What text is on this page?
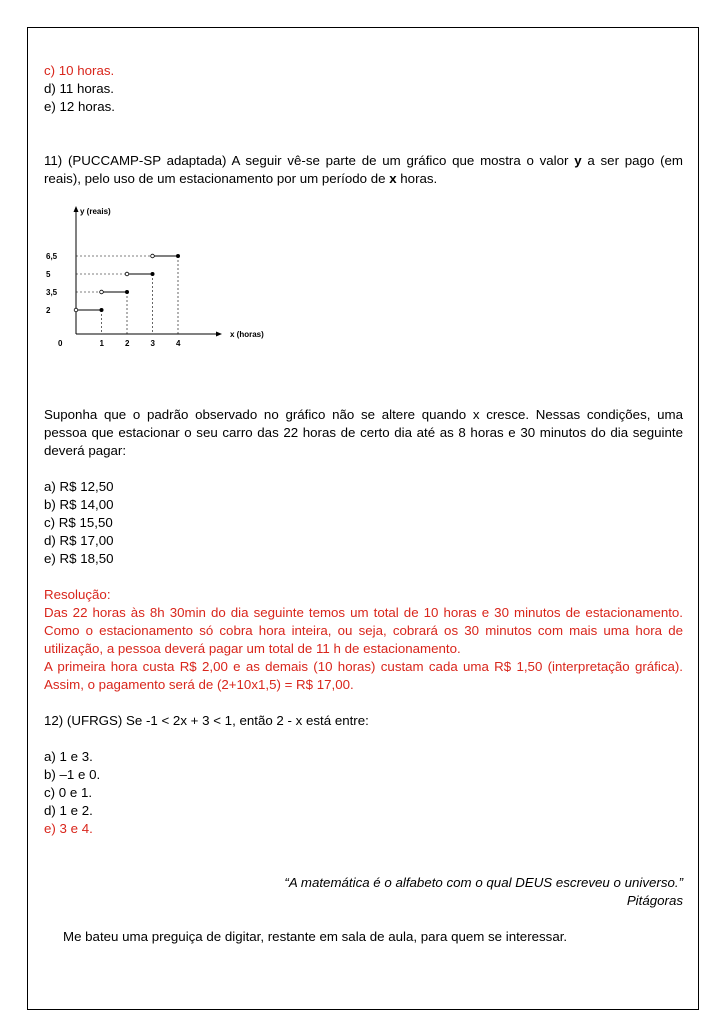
c) 10 horas.

d) 11 horas.

e) 12 horas.

11) (PUCCAMP-SP adaptada) A seguir vê-se parte de um gráfico que mostra o valor y a ser pago (em reais), pelo uso de um estacionamento por um período de x horas.

y (reais)
x (horas)
0	1	2	3	4
2
3,5
5
6,5

Suponha que o padrão observado no gráfico não se altere quando x cresce. Nessas condições, uma pessoa que estacionar o seu carro das 22 horas de certo dia até as 8 horas e 30 minutos do dia seguinte deverá pagar:

a) R$ 12,50

b) R$ 14,00

c) R$ 15,50

d) R$ 17,00

e) R$ 18,50

Resolução:

Das 22 horas às 8h 30min do dia seguinte temos um total de 10 horas e 30 minutos de estacionamento. Como o estacionamento só cobra hora inteira, ou seja, cobrará os 30 minutos com mais uma hora de utilização, a pessoa deverá pagar um total de 11 h de estacionamento.

A primeira hora custa R$ 2,00 e as demais (10 horas) custam cada uma R$ 1,50 (interpretação gráfica). Assim, o pagamento será de (2+10x1,5) = R$ 17,00.

12) (UFRGS) Se -1 < 2x + 3 < 1, então 2 - x está entre:

a) 1 e 3.

b) –1 e 0.

c) 0 e 1.

d) 1 e 2.

e) 3 e 4.

“A matemática é o alfabeto com o qual DEUS escreveu o universo.”

Pitágoras

Me bateu uma preguiça de digitar, restante em sala de aula, para quem se interessar.
